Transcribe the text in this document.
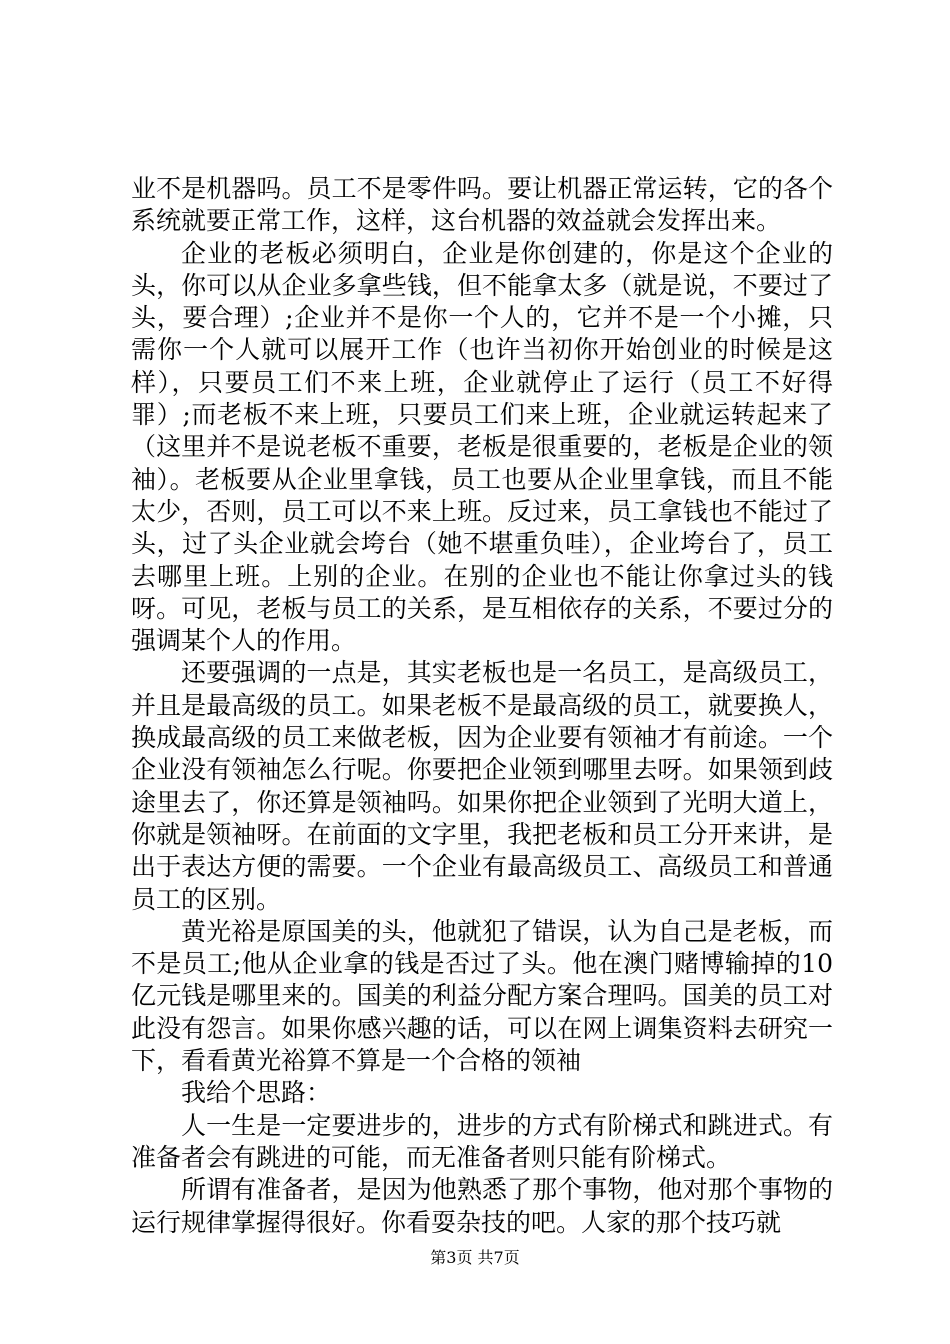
业不是机器吗。员工不是零件吗。要让机器正常运转，它的各个系统就要正常工作，这样，这台机器的效益就会发挥出来。

企业的老板必须明白，企业是你创建的，你是这个企业的头，你可以从企业多拿些钱，但不能拿太多（就是说，不要过了头，要合理）;企业并不是你一个人的，它并不是一个小摊，只需你一个人就可以展开工作（也许当初你开始创业的时候是这样），只要员工们不来上班，企业就停止了运行（员工不好得罪）;而老板不来上班，只要员工们来上班，企业就运转起来了（这里并不是说老板不重要，老板是很重要的，老板是企业的领袖）。老板要从企业里拿钱，员工也要从企业里拿钱，而且不能太少，否则，员工可以不来上班。反过来，员工拿钱也不能过了头，过了头企业就会垮台（她不堪重负哇），企业垮台了，员工去哪里上班。上别的企业。在别的企业也不能让你拿过头的钱呀。可见，老板与员工的关系，是互相依存的关系，不要过分的强调某个人的作用。

还要强调的一点是，其实老板也是一名员工，是高级员工，并且是最高级的员工。如果老板不是最高级的员工，就要换人，换成最高级的员工来做老板，因为企业要有领袖才有前途。一个企业没有领袖怎么行呢。你要把企业领到哪里去呀。如果领到歧途里去了，你还算是领袖吗。如果你把企业领到了光明大道上，你就是领袖呀。在前面的文字里，我把老板和员工分开来讲，是出于表达方便的需要。一个企业有最高级员工、高级员工和普通员工的区别。

黄光裕是原国美的头，他就犯了错误，认为自己是老板，而不是员工;他从企业拿的钱是否过了头。他在澳门赌博输掉的10亿元钱是哪里来的。国美的利益分配方案合理吗。国美的员工对此没有怨言。如果你感兴趣的话，可以在网上调集资料去研究一下，看看黄光裕算不算是一个合格的领袖

我给个思路：

人一生是一定要进步的，进步的方式有阶梯式和跳进式。有准备者会有跳进的可能，而无准备者则只能有阶梯式。

所谓有准备者，是因为他熟悉了那个事物，他对那个事物的运行规律掌握得很好。你看耍杂技的吧。人家的那个技巧就

第3页 共7页
